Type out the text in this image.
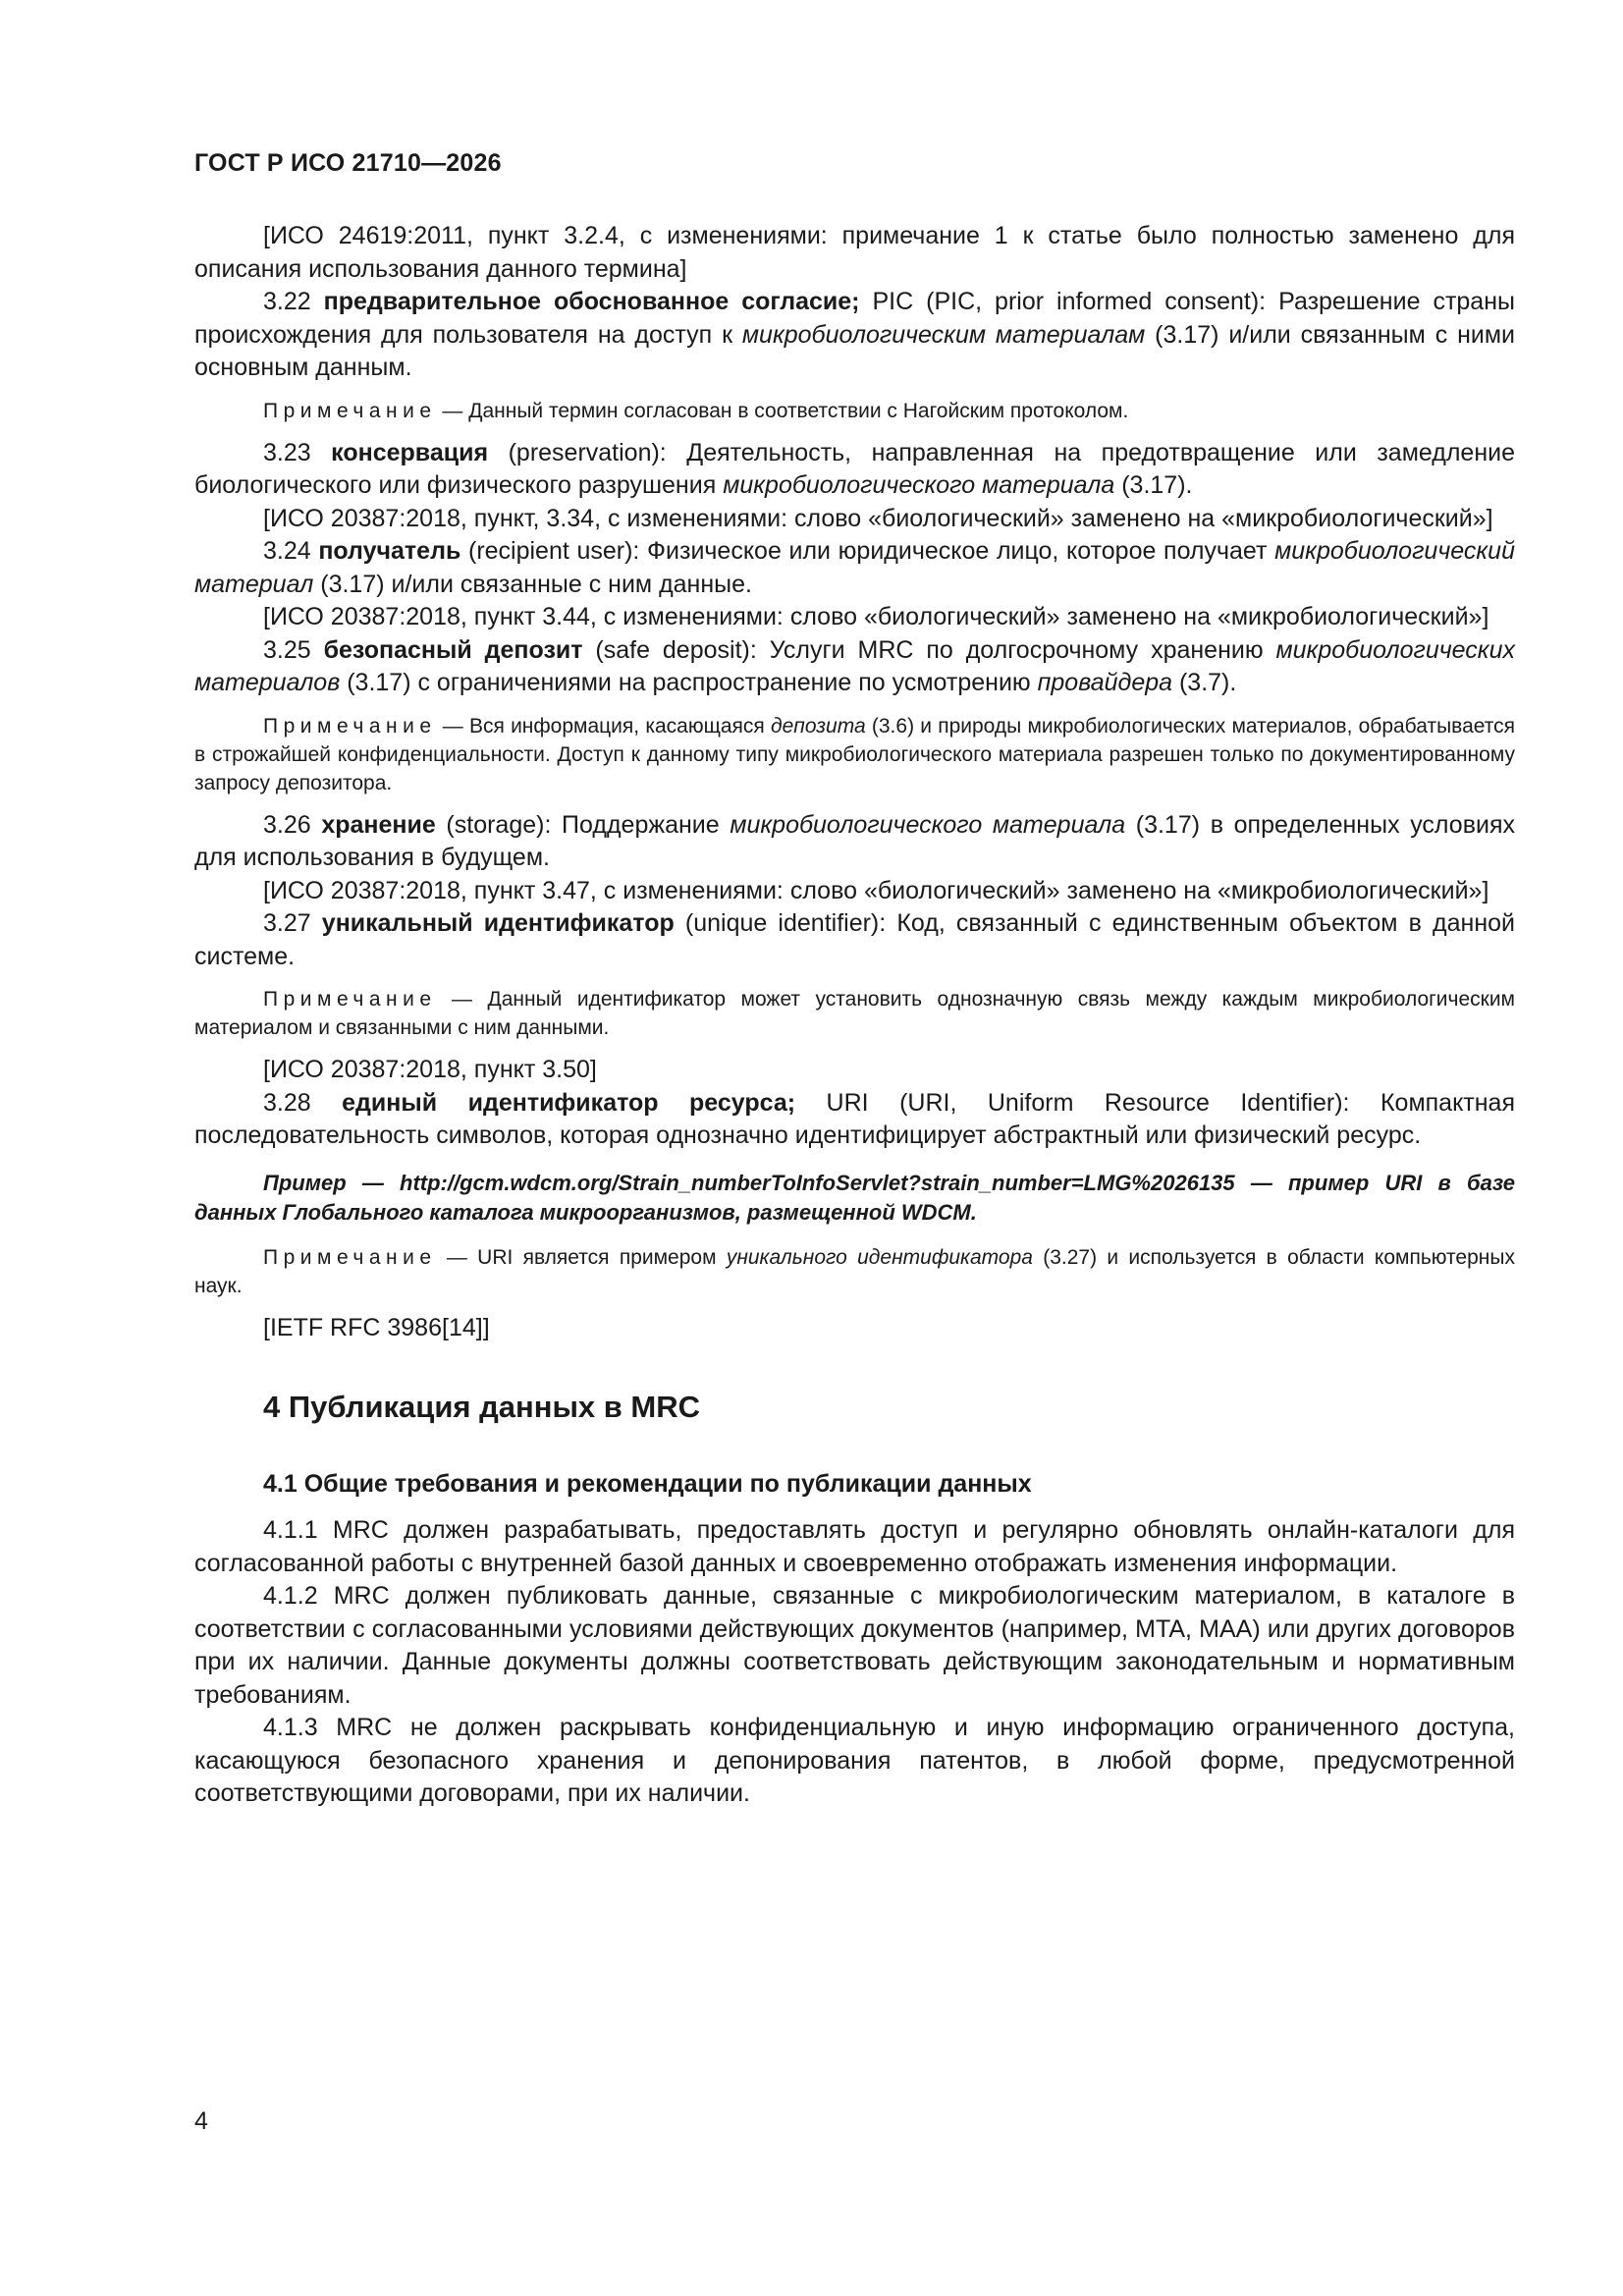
ГОСТ Р ИСО 21710—2026

[ИСО 24619:2011, пункт 3.2.4, с изменениями: примечание 1 к статье было полностью заменено для описания использования данного термина]

3.22 предварительное обоснованное согласие; PIC (PIC, prior informed consent): Разрешение страны происхождения для пользователя на доступ к микробиологическим материалам (3.17) и/или связанным с ними основным данным.

Примечание — Данный термин согласован в соответствии с Нагойским протоколом.

3.23 консервация (preservation): Деятельность, направленная на предотвращение или замедление биологического или физического разрушения микробиологического материала (3.17).

[ИСО 20387:2018, пункт, 3.34, с изменениями: слово «биологический» заменено на «микробиологический»]

3.24 получатель (recipient user): Физическое или юридическое лицо, которое получает микробиологический материал (3.17) и/или связанные с ним данные.

[ИСО 20387:2018, пункт 3.44, с изменениями: слово «биологический» заменено на «микробиологический»]

3.25 безопасный депозит (safe deposit): Услуги MRC по долгосрочному хранению микробиологических материалов (3.17) с ограничениями на распространение по усмотрению провайдера (3.7).

Примечание — Вся информация, касающаяся депозита (3.6) и природы микробиологических материалов, обрабатывается в строжайшей конфиденциальности. Доступ к данному типу микробиологического материала разрешен только по документированному запросу депозитора.

3.26 хранение (storage): Поддержание микробиологического материала (3.17) в определенных условиях для использования в будущем.

[ИСО 20387:2018, пункт 3.47, с изменениями: слово «биологический» заменено на «микробиологический»]

3.27 уникальный идентификатор (unique identifier): Код, связанный с единственным объектом в данной системе.

Примечание — Данный идентификатор может установить однозначную связь между каждым микробиологическим материалом и связанными с ним данными.

[ИСО 20387:2018, пункт 3.50]

3.28 единый идентификатор ресурса; URI (URI, Uniform Resource Identifier): Компактная последовательность символов, которая однозначно идентифицирует абстрактный или физический ресурс.

Пример — http://gcm.wdcm.org/Strain_numberToInfoServlet?strain_number=LMG%2026135 — пример URI в базе данных Глобального каталога микроорганизмов, размещенной WDCM.

Примечание — URI является примером уникального идентификатора (3.27) и используется в области компьютерных наук.

[IETF RFC 3986[14]]

4 Публикация данных в MRC
4.1 Общие требования и рекомендации по публикации данных

4.1.1 MRC должен разрабатывать, предоставлять доступ и регулярно обновлять онлайн-каталоги для согласованной работы с внутренней базой данных и своевременно отображать изменения информации.

4.1.2 MRC должен публиковать данные, связанные с микробиологическим материалом, в каталоге в соответствии с согласованными условиями действующих документов (например, MTA, MAA) или других договоров при их наличии. Данные документы должны соответствовать действующим законодательным и нормативным требованиям.

4.1.3 MRC не должен раскрывать конфиденциальную и иную информацию ограниченного доступа, касающуюся безопасного хранения и депонирования патентов, в любой форме, предусмотренной соответствующими договорами, при их наличии.

4
